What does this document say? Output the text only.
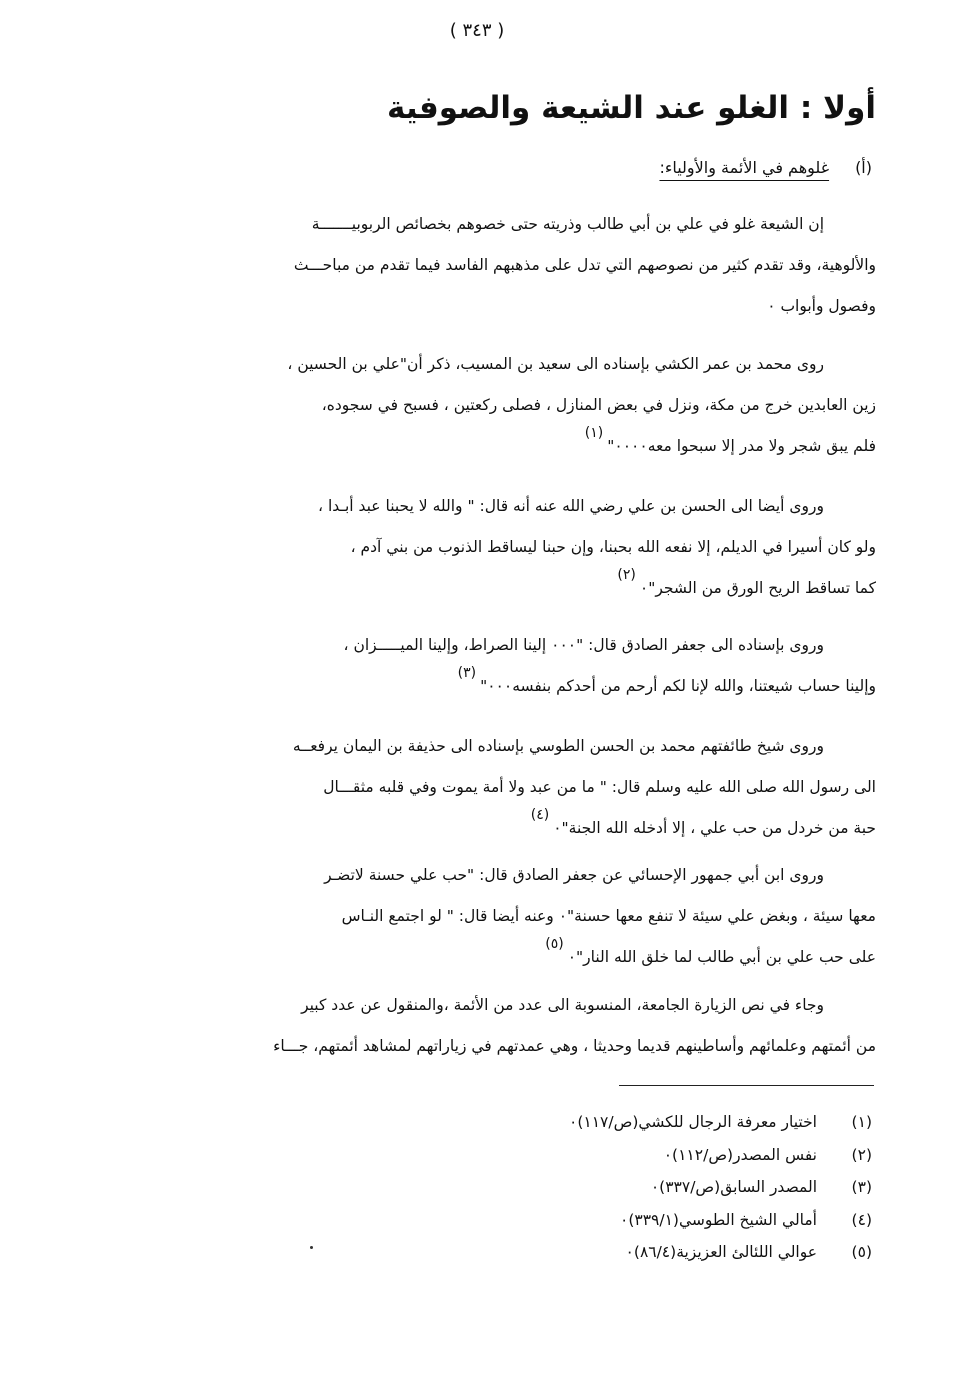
( ٣٤٣ )
أولا : الغلو عند الشيعة والصوفية
(أ)غلوهم في الأئمة والأولياء:

إن الشيعة غلو في علي بن أبي طالب وذريته حتى خصوهم بخصائص الربوبيـــــــة

والألوهية، وقد تقدم كثير من نصوصهم التي تدل على مذهبهم الفاسد فيما تقدم من مباحـــث

وفصول وأبواب ٠

روى محمد بن عمر الكشي بإسناده الى سعيد بن المسيب، ذكر أن"علي بن الحسين ،

زين العابدين خرج من مكة، ونزل في بعض المنازل ، فصلى ركعتين ، فسبح في سجوده،

فلم يبق شجر ولا مدر إلا سبحوا معه٠٠٠٠"(١)

وروى أيضا الى الحسن بن علي رضي الله عنه أنه قال: " والله لا يحبنا عبد أبـدا ،

ولو كان أسيرا في الديلم، إلا نفعه الله بحبنا، وإن حبنا ليساقط الذنوب من بني آدم ،

كما تساقط الريح الورق من الشجر"٠(٢)

وروى بإسناده الى جعفر الصادق قال: "٠٠٠ إلينا الصراط، وإلينا الميـــــزان ،

وإلينا حساب شيعتنا، والله لإنا لكم أرحم من أحدكم بنفسه٠٠٠"(٣)

وروى شيخ طائفتهم محمد بن الحسن الطوسي بإسناده الى حذيفة بن اليمان يرفعــه

الى رسول الله صلى الله عليه وسلم قال: " ما من عبد ولا أمة يموت وفي قلبه مثقـــال

حبة من خردل من حب علي ، إلا أدخله الله الجنة"٠(٤)

وروى ابن أبي جمهور الإحسائي عن جعفر الصادق قال: "حب علي حسنة لاتضـر

معها سيئة ، وبغض علي سيئة لا تنفع معها حسنة"٠ وعنه أيضا قال: " لو اجتمع النـاس

على حب علي بن أبي طالب لما خلق الله النار"٠(٥)

وجاء في نص الزيارة الجامعة، المنسوبة الى عدد من الأئمة ،والمنقول عن عدد كبير

من أئمتهم وعلمائهم وأساطينهم قديما وحديثا ، وهي عمدتهم في زياراتهم لمشاهد أئمتهم، جـــاء

(١)اختيار معرفة الرجال للكشي(ص/١١٧)٠
(٢)نفس المصدر(ص/١١٢)٠
(٣)المصدر السابق(ص/٣٣٧)٠
(٤)أمالي الشيخ الطوسي(٣٣٩/١)٠
(٥)عوالي اللئالئ العزيزية(٨٦/٤)٠
